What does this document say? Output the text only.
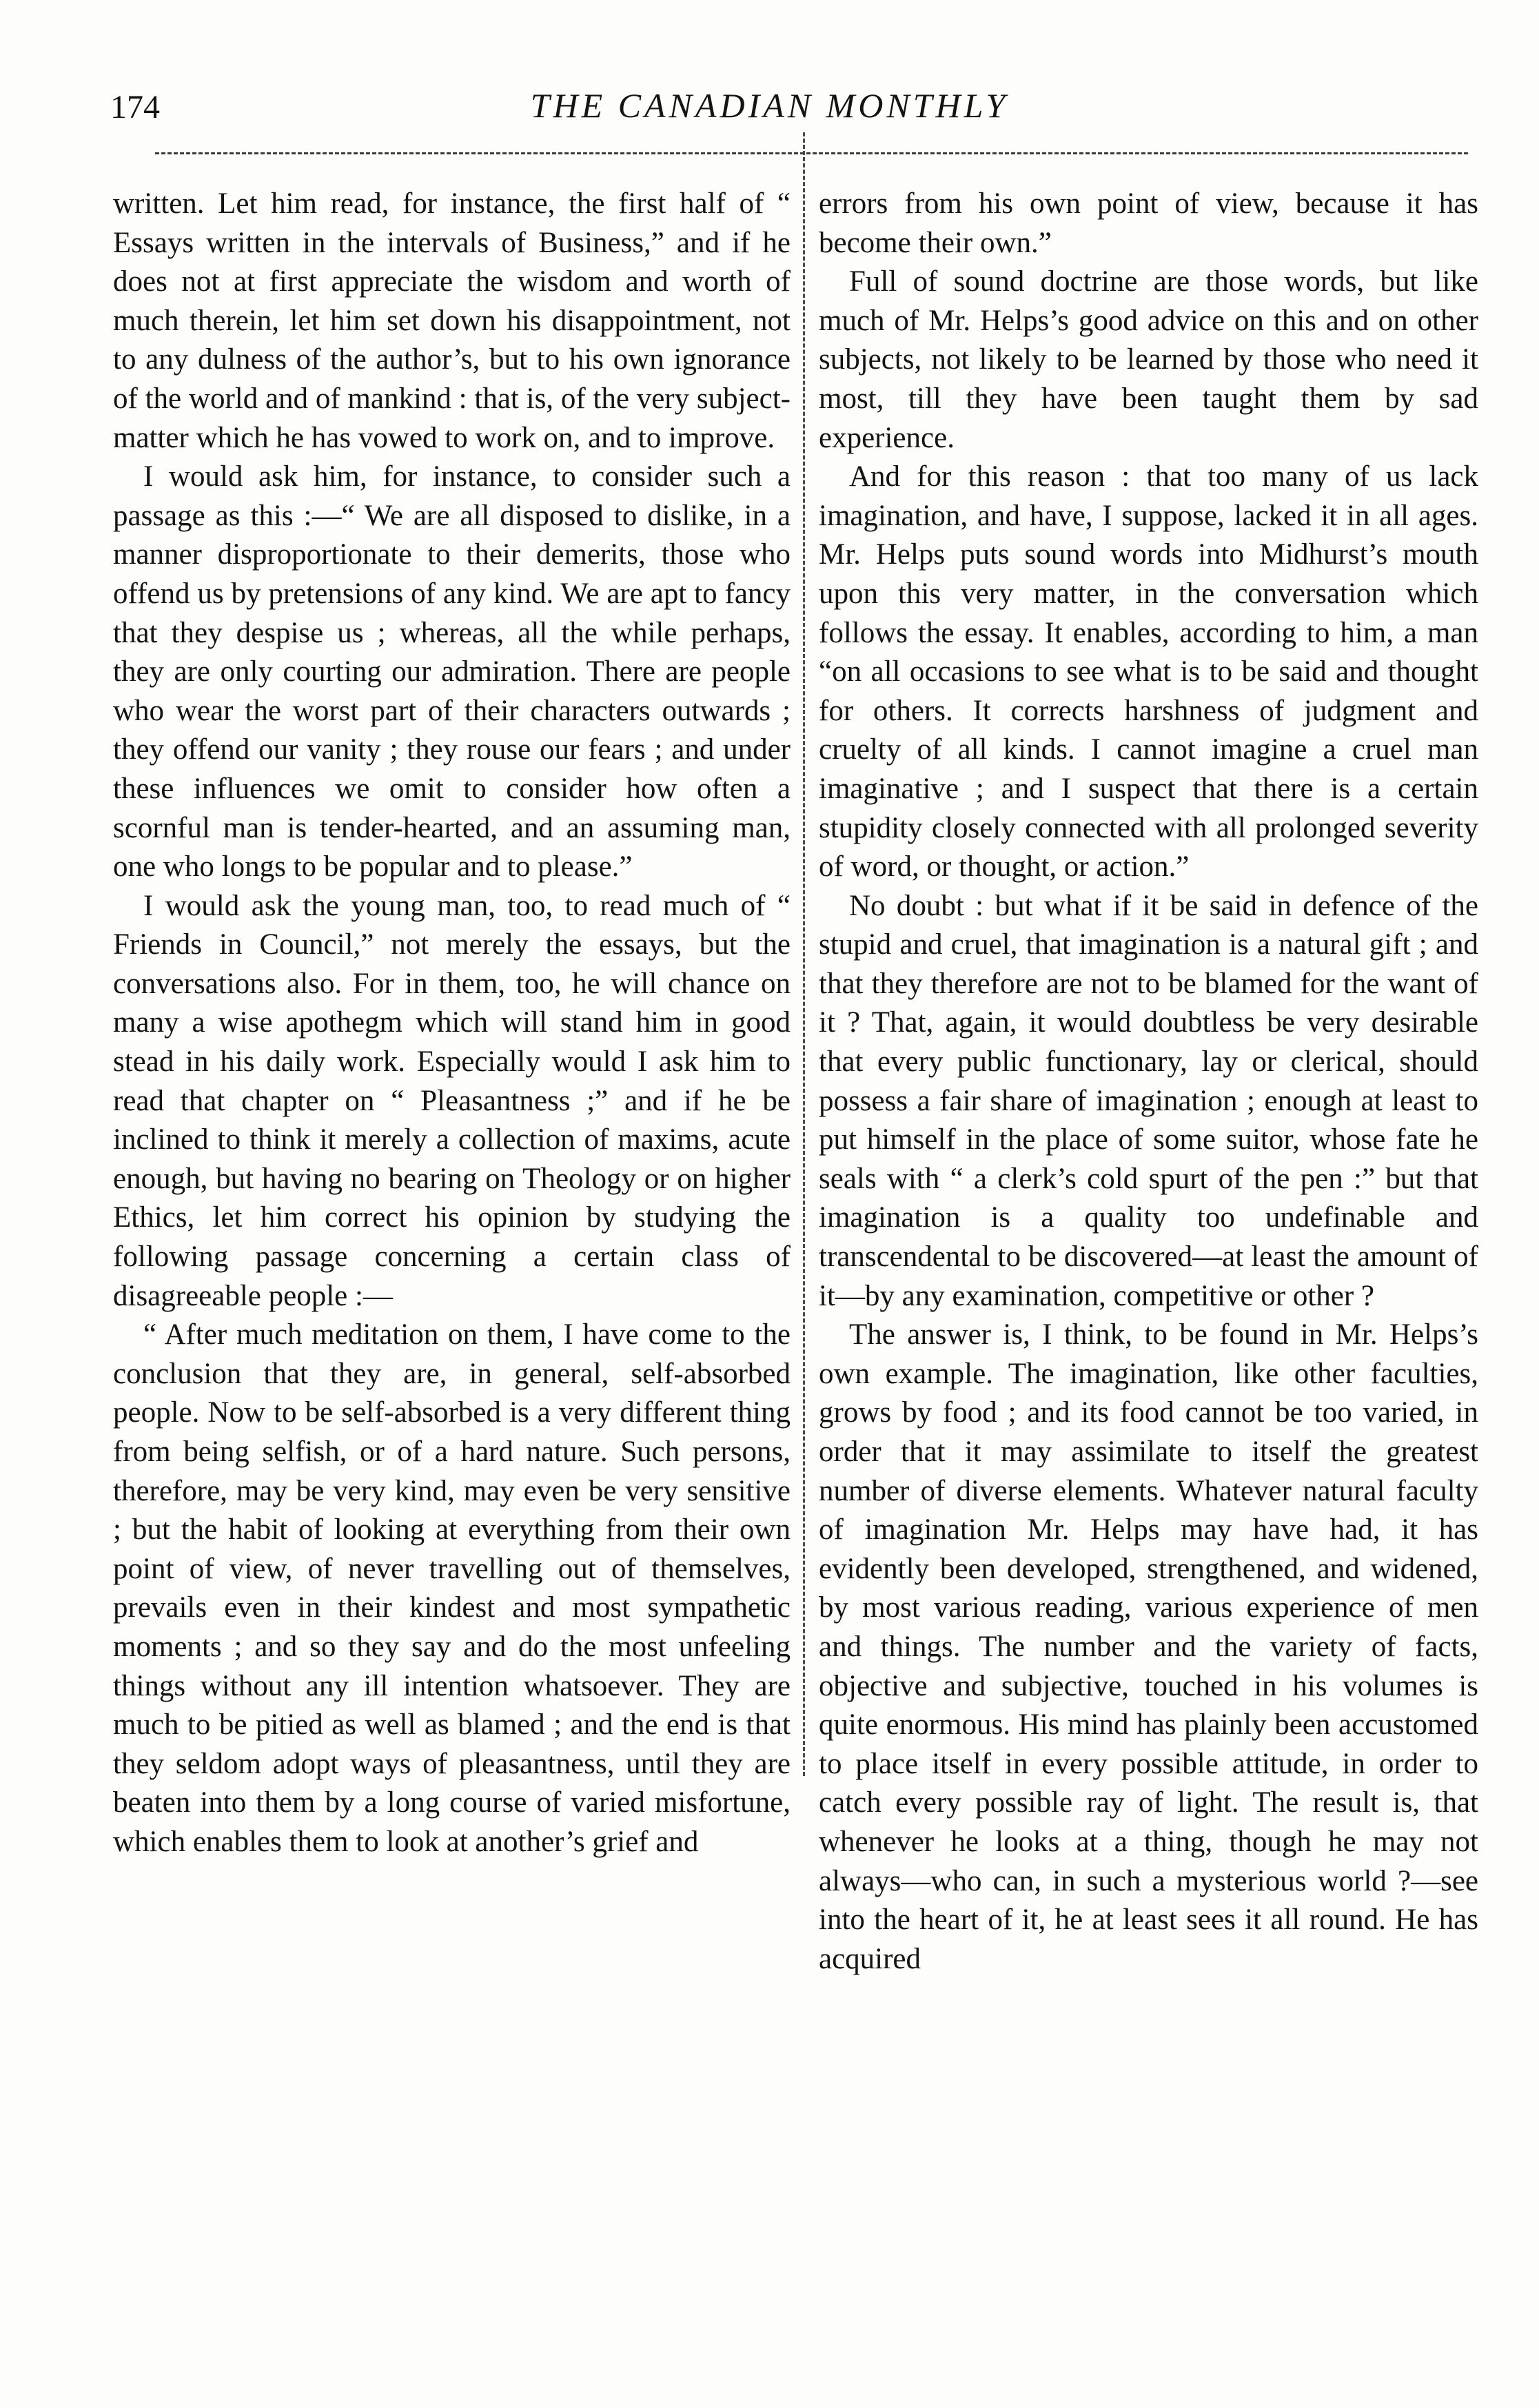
174	THE CANADIAN MONTHLY

written. Let him read, for instance, the first half of “ Essays written in the intervals of Business,” and if he does not at first appreciate the wisdom and worth of much therein, let him set down his disappointment, not to any dulness of the author’s, but to his own ignorance of the world and of mankind : that is, of the very subject-matter which he has vowed to work on, and to improve.

I would ask him, for instance, to consider such a passage as this :—“ We are all disposed to dislike, in a manner disproportionate to their demerits, those who offend us by pretensions of any kind. We are apt to fancy that they despise us ; whereas, all the while perhaps, they are only courting our admiration. There are people who wear the worst part of their characters outwards ; they offend our vanity ; they rouse our fears ; and under these influences we omit to consider how often a scornful man is tender-hearted, and an assuming man, one who longs to be popular and to please.”

I would ask the young man, too, to read much of “ Friends in Council,” not merely the essays, but the conversations also. For in them, too, he will chance on many a wise apothegm which will stand him in good stead in his daily work. Especially would I ask him to read that chapter on “ Pleasantness ;” and if he be inclined to think it merely a collection of maxims, acute enough, but having no bearing on Theology or on higher Ethics, let him correct his opinion by studying the following passage concerning a certain class of disagreeable people :—

“ After much meditation on them, I have come to the conclusion that they are, in general, self-absorbed people. Now to be self-absorbed is a very different thing from being selfish, or of a hard nature. Such persons, therefore, may be very kind, may even be very sensitive ; but the habit of looking at everything from their own point of view, of never travelling out of themselves, prevails even in their kindest and most sympathetic moments ; and so they say and do the most unfeeling things without any ill intention whatsoever. They are much to be pitied as well as blamed ; and the end is that they seldom adopt ways of pleasantness, until they are beaten into them by a long course of varied misfortune, which enables them to look at another’s grief and

errors from his own point of view, because it has become their own.”

Full of sound doctrine are those words, but like much of Mr. Helps’s good advice on this and on other subjects, not likely to be learned by those who need it most, till they have been taught them by sad experience.

And for this reason : that too many of us lack imagination, and have, I suppose, lacked it in all ages. Mr. Helps puts sound words into Midhurst’s mouth upon this very matter, in the conversation which follows the essay. It enables, according to him, a man “on all occasions to see what is to be said and thought for others. It corrects harshness of judgment and cruelty of all kinds. I cannot imagine a cruel man imaginative ; and I suspect that there is a certain stupidity closely connected with all prolonged severity of word, or thought, or action.”

No doubt : but what if it be said in defence of the stupid and cruel, that imagination is a natural gift ; and that they therefore are not to be blamed for the want of it ? That, again, it would doubtless be very desirable that every public functionary, lay or clerical, should possess a fair share of imagination ; enough at least to put himself in the place of some suitor, whose fate he seals with “ a clerk’s cold spurt of the pen :” but that imagination is a quality too undefinable and transcendental to be discovered—at least the amount of it—by any examination, competitive or other ?

The answer is, I think, to be found in Mr. Helps’s own example. The imagination, like other faculties, grows by food ; and its food cannot be too varied, in order that it may assimilate to itself the greatest number of diverse elements. Whatever natural faculty of imagination Mr. Helps may have had, it has evidently been developed, strengthened, and widened, by most various reading, various experience of men and things. The number and the variety of facts, objective and subjective, touched in his volumes is quite enormous. His mind has plainly been accustomed to place itself in every possible attitude, in order to catch every possible ray of light. The result is, that whenever he looks at a thing, though he may not always—who can, in such a mysterious world ?—see into the heart of it, he at least sees it all round. He has acquired
